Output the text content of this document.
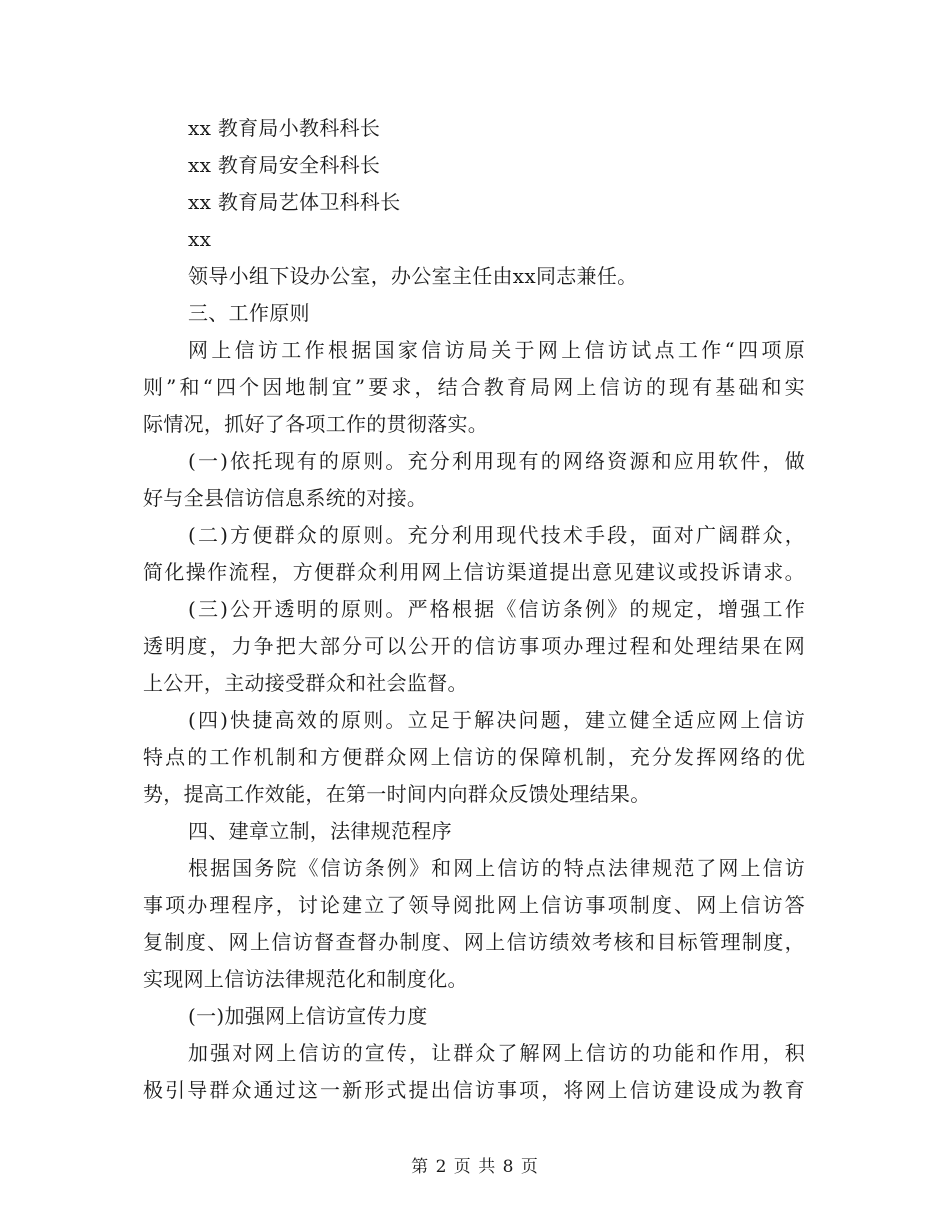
xx 教育局小教科科长
xx 教育局安全科科长
xx 教育局艺体卫科科长
xx
领导小组下设办公室，办公室主任由xx同志兼任。
三、工作原则
网上信访工作根据国家信访局关于网上信访试点工作“四项原
则”和“四个因地制宜”要求，结合教育局网上信访的现有基础和实
际情况，抓好了各项工作的贯彻落实。
(一)依托现有的原则。充分利用现有的网络资源和应用软件，做
好与全县信访信息系统的对接。
(二)方便群众的原则。充分利用现代技术手段，面对广阔群众，
简化操作流程，方便群众利用网上信访渠道提出意见建议或投诉请求。
(三)公开透明的原则。严格根据《信访条例》的规定，增强工作
透明度，力争把大部分可以公开的信访事项办理过程和处理结果在网
上公开，主动接受群众和社会监督。
(四)快捷高效的原则。立足于解决问题，建立健全适应网上信访
特点的工作机制和方便群众网上信访的保障机制，充分发挥网络的优
势，提高工作效能，在第一时间内向群众反馈处理结果。
四、建章立制，法律规范程序
根据国务院《信访条例》和网上信访的特点法律规范了网上信访
事项办理程序，讨论建立了领导阅批网上信访事项制度、网上信访答
复制度、网上信访督查督办制度、网上信访绩效考核和目标管理制度，
实现网上信访法律规范化和制度化。
(一)加强网上信访宣传力度
加强对网上信访的宣传，让群众了解网上信访的功能和作用，积
极引导群众通过这一新形式提出信访事项，将网上信访建设成为教育
第 2 页 共 8 页
